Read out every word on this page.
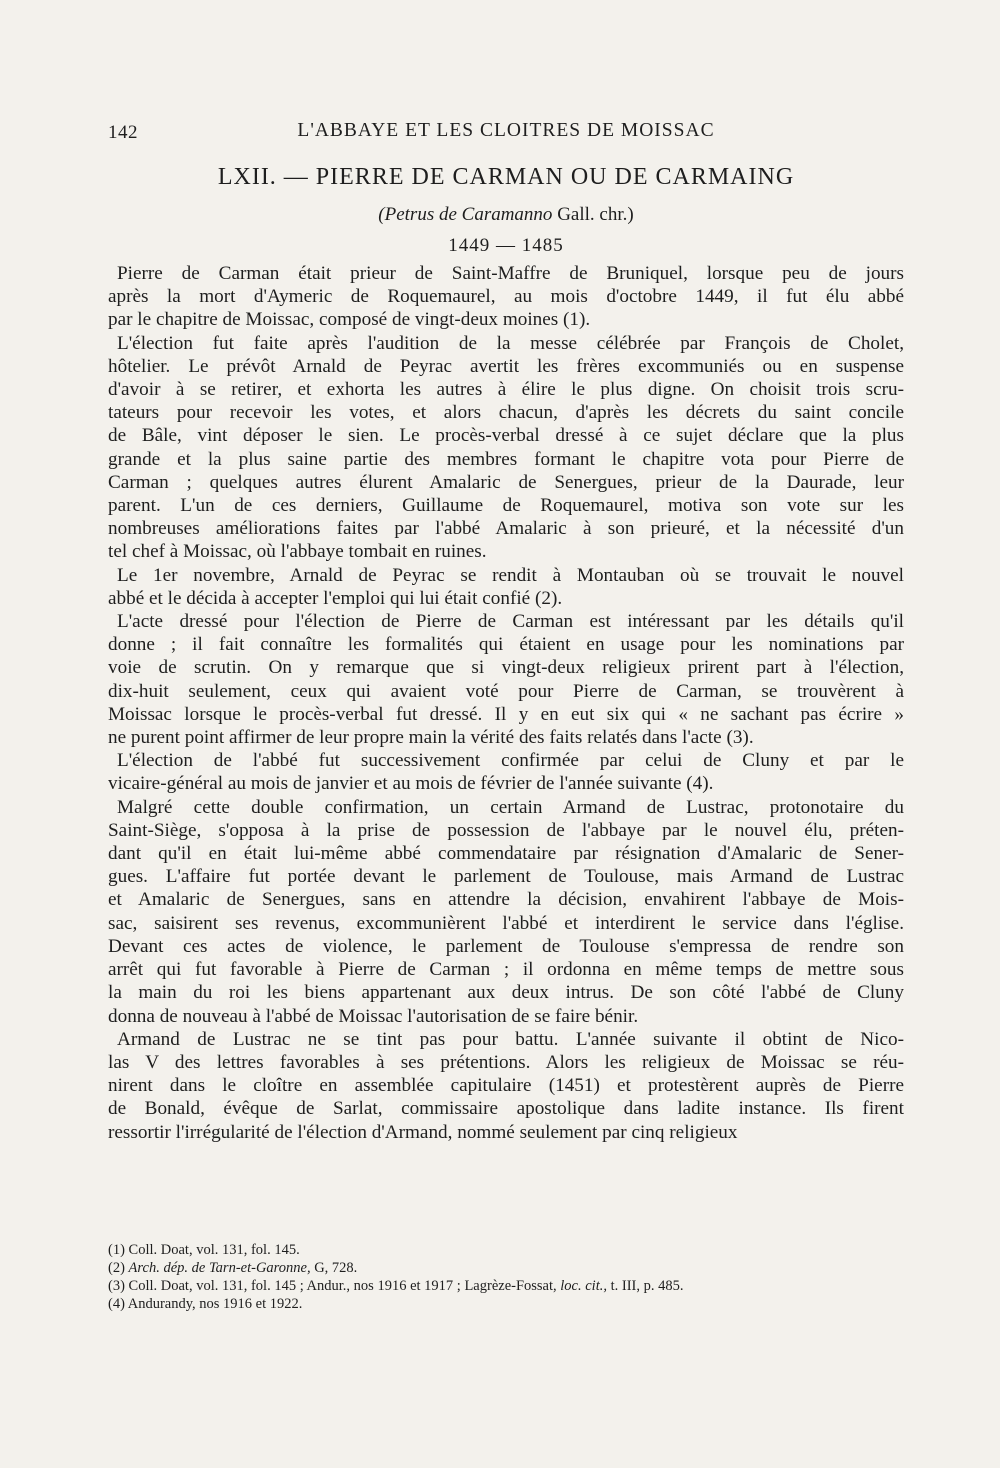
142	L'ABBAYE ET LES CLOITRES DE MOISSAC
LXII. — PIERRE DE CARMAN OU DE CARMAING
(Petrus de Caramanno Gall. chr.)
1449 — 1485

Pierre de Carman était prieur de Saint-Maffre de Bruniquel, lorsque peu de jours
après la mort d'Aymeric de Roquemaurel, au mois d'octobre 1449, il fut élu abbé
par le chapitre de Moissac, composé de vingt-deux moines (1).

L'élection fut faite après l'audition de la messe célébrée par François de Cholet,
hôtelier. Le prévôt Arnald de Peyrac avertit les frères excommuniés ou en suspense
d'avoir à se retirer, et exhorta les autres à élire le plus digne. On choisit trois scru-
tateurs pour recevoir les votes, et alors chacun, d'après les décrets du saint concile
de Bâle, vint déposer le sien. Le procès-verbal dressé à ce sujet déclare que la plus
grande et la plus saine partie des membres formant le chapitre vota pour Pierre de
Carman ; quelques autres élurent Amalaric de Senergues, prieur de la Daurade, leur
parent. L'un de ces derniers, Guillaume de Roquemaurel, motiva son vote sur les
nombreuses améliorations faites par l'abbé Amalaric à son prieuré, et la nécessité d'un
tel chef à Moissac, où l'abbaye tombait en ruines.

Le 1er novembre, Arnald de Peyrac se rendit à Montauban où se trouvait le nouvel
abbé et le décida à accepter l'emploi qui lui était confié (2).

L'acte dressé pour l'élection de Pierre de Carman est intéressant par les détails qu'il
donne ; il fait connaître les formalités qui étaient en usage pour les nominations par
voie de scrutin. On y remarque que si vingt-deux religieux prirent part à l'élection,
dix-huit seulement, ceux qui avaient voté pour Pierre de Carman, se trouvèrent à
Moissac lorsque le procès-verbal fut dressé. Il y en eut six qui « ne sachant pas écrire »
ne purent point affirmer de leur propre main la vérité des faits relatés dans l'acte (3).

L'élection de l'abbé fut successivement confirmée par celui de Cluny et par le
vicaire-général au mois de janvier et au mois de février de l'année suivante (4).

Malgré cette double confirmation, un certain Armand de Lustrac, protonotaire du
Saint-Siège, s'opposa à la prise de possession de l'abbaye par le nouvel élu, préten-
dant qu'il en était lui-même abbé commendataire par résignation d'Amalaric de Sener-
gues. L'affaire fut portée devant le parlement de Toulouse, mais Armand de Lustrac
et Amalaric de Senergues, sans en attendre la décision, envahirent l'abbaye de Mois-
sac, saisirent ses revenus, excommunièrent l'abbé et interdirent le service dans l'église.
Devant ces actes de violence, le parlement de Toulouse s'empressa de rendre son
arrêt qui fut favorable à Pierre de Carman ; il ordonna en même temps de mettre sous
la main du roi les biens appartenant aux deux intrus. De son côté l'abbé de Cluny
donna de nouveau à l'abbé de Moissac l'autorisation de se faire bénir.

Armand de Lustrac ne se tint pas pour battu. L'année suivante il obtint de Nico-
las V des lettres favorables à ses prétentions. Alors les religieux de Moissac se réu-
nirent dans le cloître en assemblée capitulaire (1451) et protestèrent auprès de Pierre
de Bonald, évêque de Sarlat, commissaire apostolique dans ladite instance. Ils firent
ressortir l'irrégularité de l'élection d'Armand, nommé seulement par cinq religieux

(1) Coll. Doat, vol. 131, fol. 145.
(2) Arch. dép. de Tarn-et-Garonne, G, 728.
(3) Coll. Doat, vol. 131, fol. 145 ; Andur., nos 1916 et 1917 ; Lagrèze-Fossat, loc. cit., t. III, p. 485.
(4) Andurandy, nos 1916 et 1922.
